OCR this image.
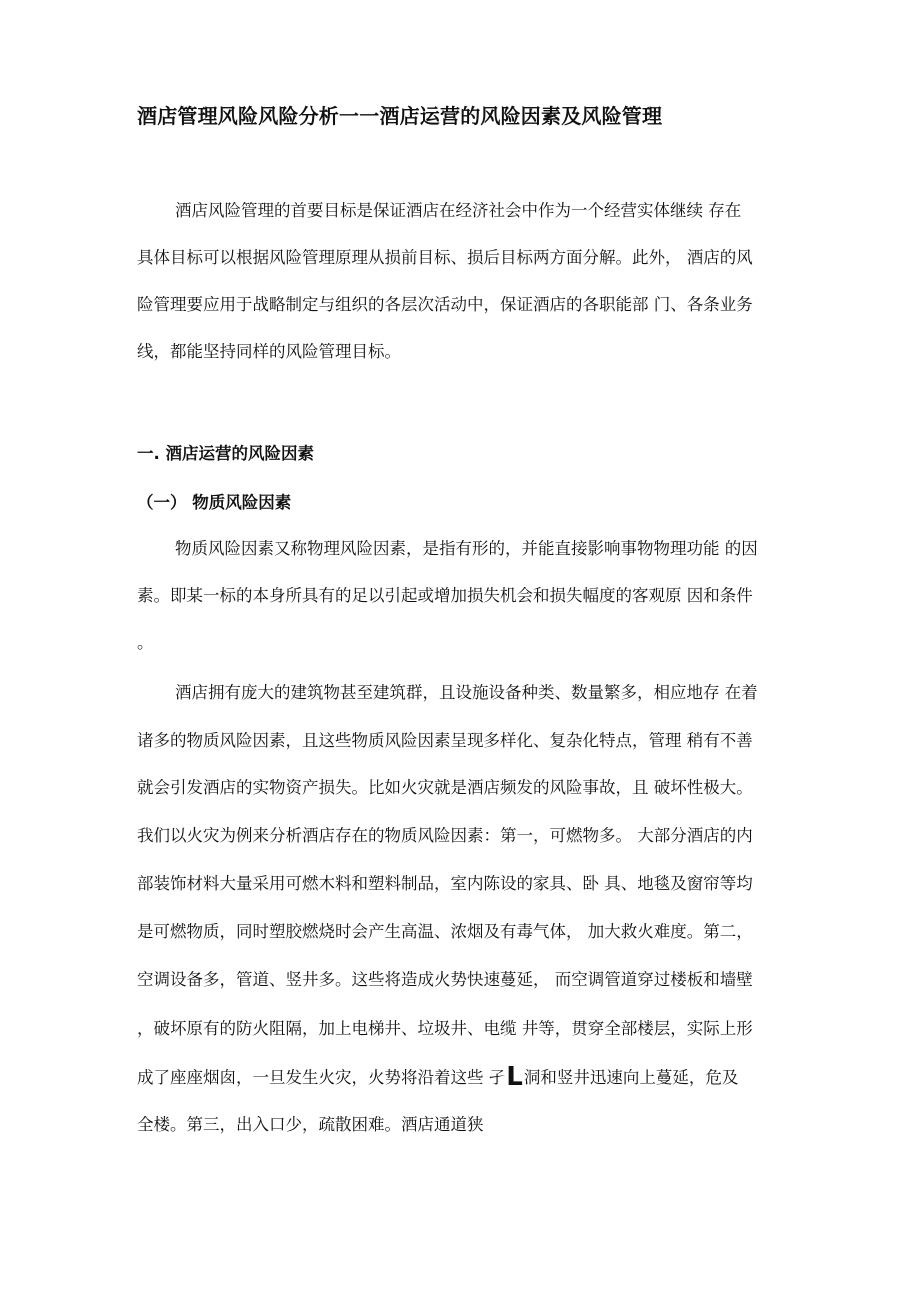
酒店管理风险风险分析一一酒店运营的风险因素及风险管理
酒店风险管理的首要目标是保证酒店在经济社会中作为一个经营实体继续 存在
具体目标可以根据风险管理原理从损前目标、损后目标两方面分解。此外， 酒店的风
险管理要应用于战略制定与组织的各层次活动中，保证酒店的各职能部 门、各条业务
线，都能坚持同样的风险管理目标。
一. 酒店运营的风险因素
（一） 物质风险因素
物质风险因素又称物理风险因素，是指有形的，并能直接影响事物物理功能 的因
素。即某一标的本身所具有的足以引起或增加损失机会和损失幅度的客观原 因和条件
。
酒店拥有庞大的建筑物甚至建筑群，且设施设备种类、数量繁多，相应地存 在着
诸多的物质风险因素，且这些物质风险因素呈现多样化、复杂化特点，管理 稍有不善
就会引发酒店的实物资产损失。比如火灾就是酒店频发的风险事故，且 破坏性极大。
我们以火灾为例来分析酒店存在的物质风险因素：第一，可燃物多。 大部分酒店的内
部装饰材料大量采用可燃木料和塑料制品，室内陈设的家具、卧 具、地毯及窗帘等均
是可燃物质，同时塑胶燃烧时会产生高温、浓烟及有毒气体， 加大救火难度。第二，
空调设备多，管道、竖井多。这些将造成火势快速蔓延， 而空调管道穿过楼板和墙壁
，破坏原有的防火阻隔，加上电梯井、垃圾井、电缆 井等，贯穿全部楼层，实际上形
成了座座烟囱，一旦发生火灾，火势将沿着这些 孑L洞和竖井迅速向上蔓延，危及
全楼。第三，出入口少，疏散困难。酒店通道狭
